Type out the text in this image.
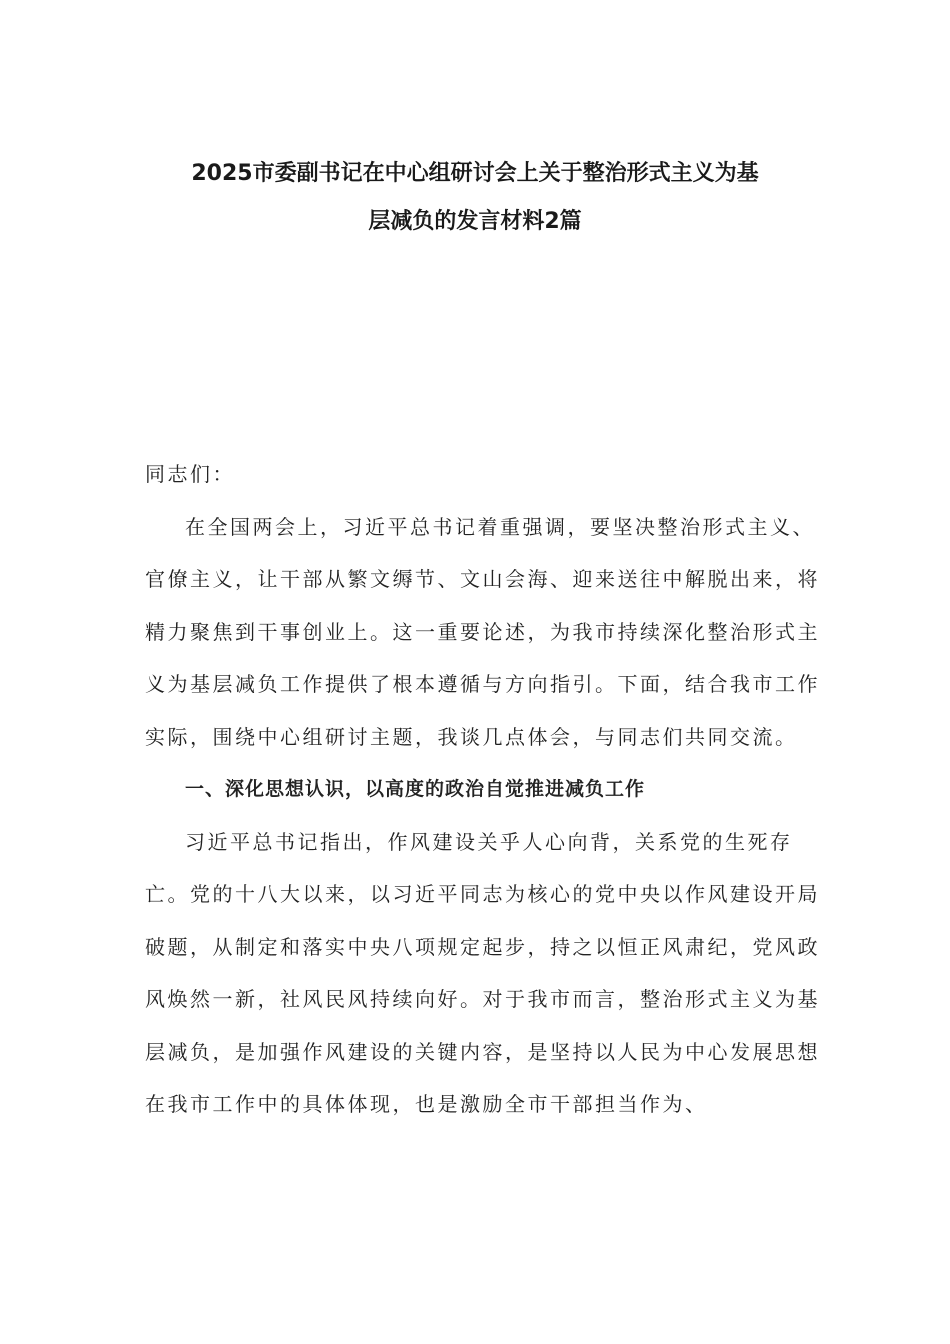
2025市委副书记在中心组研讨会上关于整治形式主义为基
层减负的发言材料2篇

同志们：

在全国两会上，习近平总书记着重强调，要坚决整治形式主义、官僚主义，让干部从繁文缛节、文山会海、迎来送往中解脱出来，将精力聚焦到干事创业上。这一重要论述，为我市持续深化整治形式主义为基层减负工作提供了根本遵循与方向指引。下面，结合我市工作实际，围绕中心组研讨主题，我谈几点体会，与同志们共同交流。

一、深化思想认识，以高度的政治自觉推进减负工作

习近平总书记指出，作风建设关乎人心向背，关系党的生死存亡。党的十八大以来，以习近平同志为核心的党中央以作风建设开局破题，从制定和落实中央八项规定起步，持之以恒正风肃纪，党风政风焕然一新，社风民风持续向好。对于我市而言，整治形式主义为基层减负，是加强作风建设的关键内容，是坚持以人民为中心发展思想在我市工作中的具体体现，也是激励全市干部担当作为、
